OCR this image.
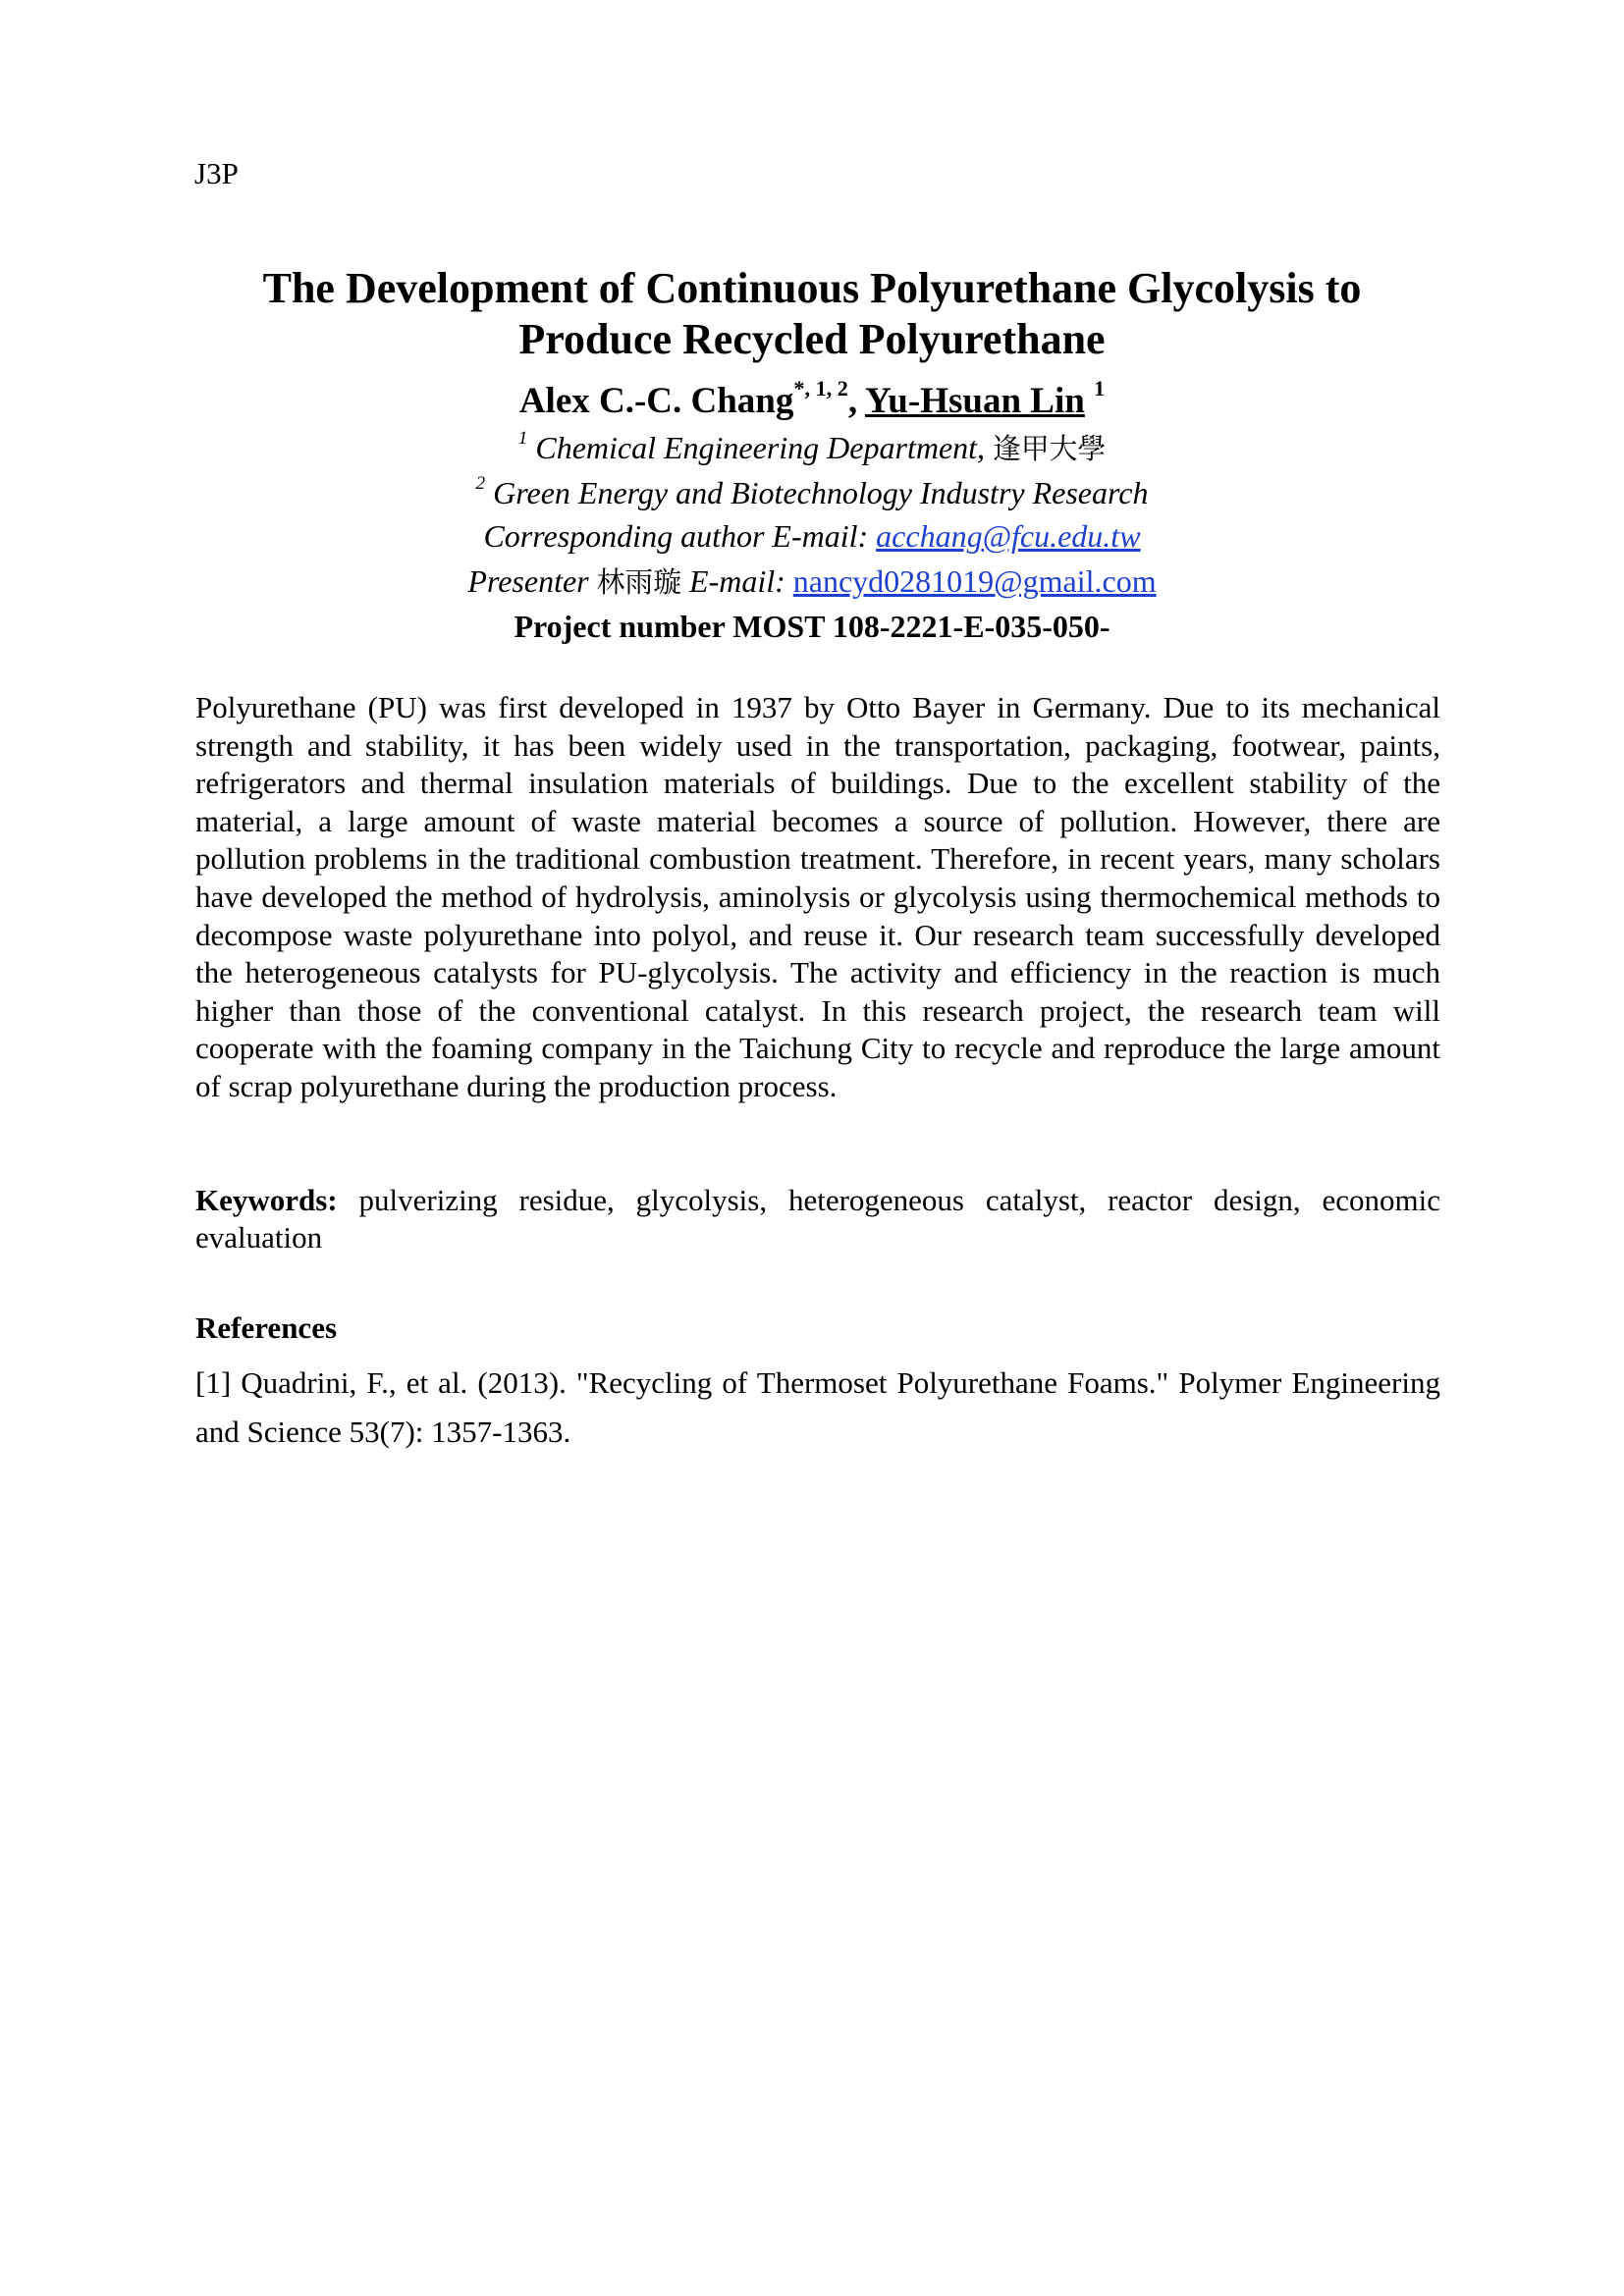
J3P
The Development of Continuous Polyurethane Glycolysis to
Produce Recycled Polyurethane
Alex C.-C. Chang$^{*, 1, 2}$, Yu-Hsuan Lin $^1$
$^1$ Chemical Engineering Department, 逢甲大學
$^2$ Green Energy and Biotechnology Industry Research
Corresponding author E-mail: acchang@fcu.edu.tw
Presenter 林雨璇 E-mail: nancyd0281019@gmail.com
Project number MOST 108-2221-E-035-050-
Polyurethane (PU) was first developed in 1937 by Otto Bayer in Germany. Due to its mechanical strength and stability, it has been widely used in the transportation, packaging, footwear, paints, refrigerators and thermal insulation materials of buildings. Due to the excellent stability of the material, a large amount of waste material becomes a source of pollution. However, there are pollution problems in the traditional combustion treatment. Therefore, in recent years, many scholars have developed the method of hydrolysis, aminolysis or glycolysis using thermochemical methods to decompose waste polyurethane into polyol, and reuse it. Our research team successfully developed the heterogeneous catalysts for PU-glycolysis. The activity and efficiency in the reaction is much higher than those of the conventional catalyst. In this research project, the research team will cooperate with the foaming company in the Taichung City to recycle and reproduce the large amount of scrap polyurethane during the production process.
Keywords: pulverizing residue, glycolysis, heterogeneous catalyst, reactor design, economic evaluation
References
[1] Quadrini, F., et al. (2013). "Recycling of Thermoset Polyurethane Foams." Polymer Engineering and Science 53(7): 1357-1363.
